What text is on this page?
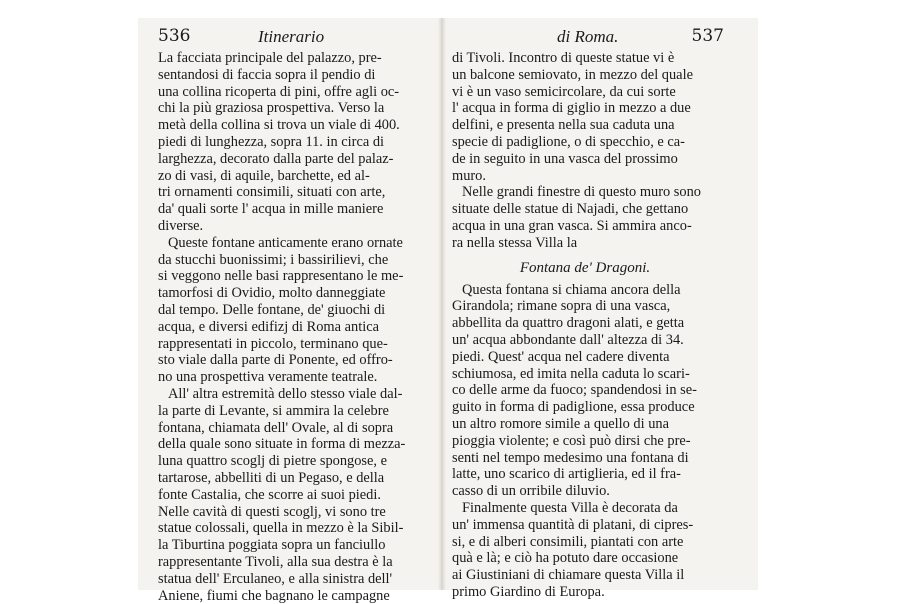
536	Itinerario
La facciata principale del palazzo, pre-
sentandosi di faccia sopra il pendio di
una collina ricoperta di pini, offre agli oc-
chi la più graziosa prospettiva. Verso la
metà della collina si trova un viale di 400.
piedi di lunghezza, sopra 11. in circa di
larghezza, decorato dalla parte del palaz-
zo di vasi, di aquile, barchette, ed al-
tri ornamenti consimili, situati con arte,
da' quali sorte l' acqua in mille maniere
diverse.
Queste fontane anticamente erano ornate
da stucchi buonissimi; i bassirilievi, che
si veggono nelle basi rappresentano le me-
tamorfosi di Ovidio, molto danneggiate
dal tempo. Delle fontane, de' giuochi di
acqua, e diversi edifizj di Roma antica
rappresentati in piccolo, terminano que-
sto viale dalla parte di Ponente, ed offro-
no una prospettiva veramente teatrale.
All' altra estremità dello stesso viale dal-
la parte di Levante, si ammira la celebre
fontana, chiamata dell' Ovale, al di sopra
della quale sono situate in forma di mezza-
luna quattro scoglj di pietre spongose, e
tartarose, abbelliti di un Pegaso, e della
fonte Castalia, che scorre ai suoi piedi.
Nelle cavità di questi scoglj, vi sono tre
statue colossali, quella in mezzo è la Sibil-
la Tiburtina poggiata sopra un fanciullo
rappresentante Tivoli, alla sua destra è la
statua dell' Erculaneo, e alla sinistra dell'
Aniene, fiumi che bagnano le campagne
di Roma.	537
di Tivoli. Incontro di queste statue vi è
un balcone semiovato, in mezzo del quale
vi è un vaso semicircolare, da cui sorte
l' acqua in forma di giglio in mezzo a due
delfini, e presenta nella sua caduta una
specie di padiglione, o di specchio, e ca-
de in seguito in una vasca del prossimo
muro.
Nelle grandi finestre di questo muro sono
situate delle statue di Najadi, che gettano
acqua in una gran vasca. Si ammira anco-
ra nella stessa Villa la
Fontana de' Dragoni.
Questa fontana si chiama ancora della
Girandola; rimane sopra di una vasca,
abbellita da quattro dragoni alati, e getta
un' acqua abbondante dall' altezza di 34.
piedi. Quest' acqua nel cadere diventa
schiumosa, ed imita nella caduta lo scari-
co delle arme da fuoco; spandendosi in se-
guito in forma di padiglione, essa produce
un altro romore simile a quello di una
pioggia violente; e così può dirsi che pre-
senti nel tempo medesimo una fontana di
latte, uno scarico di artiglieria, ed il fra-
casso di un orribile diluvio.
Finalmente questa Villa è decorata da
un' immensa quantità di platani, di cipres-
si, e di alberi consimili, piantati con arte
quà e là; e ciò ha potuto dare occasione
ai Giustiniani di chiamare questa Villa il
primo Giardino di Europa.
